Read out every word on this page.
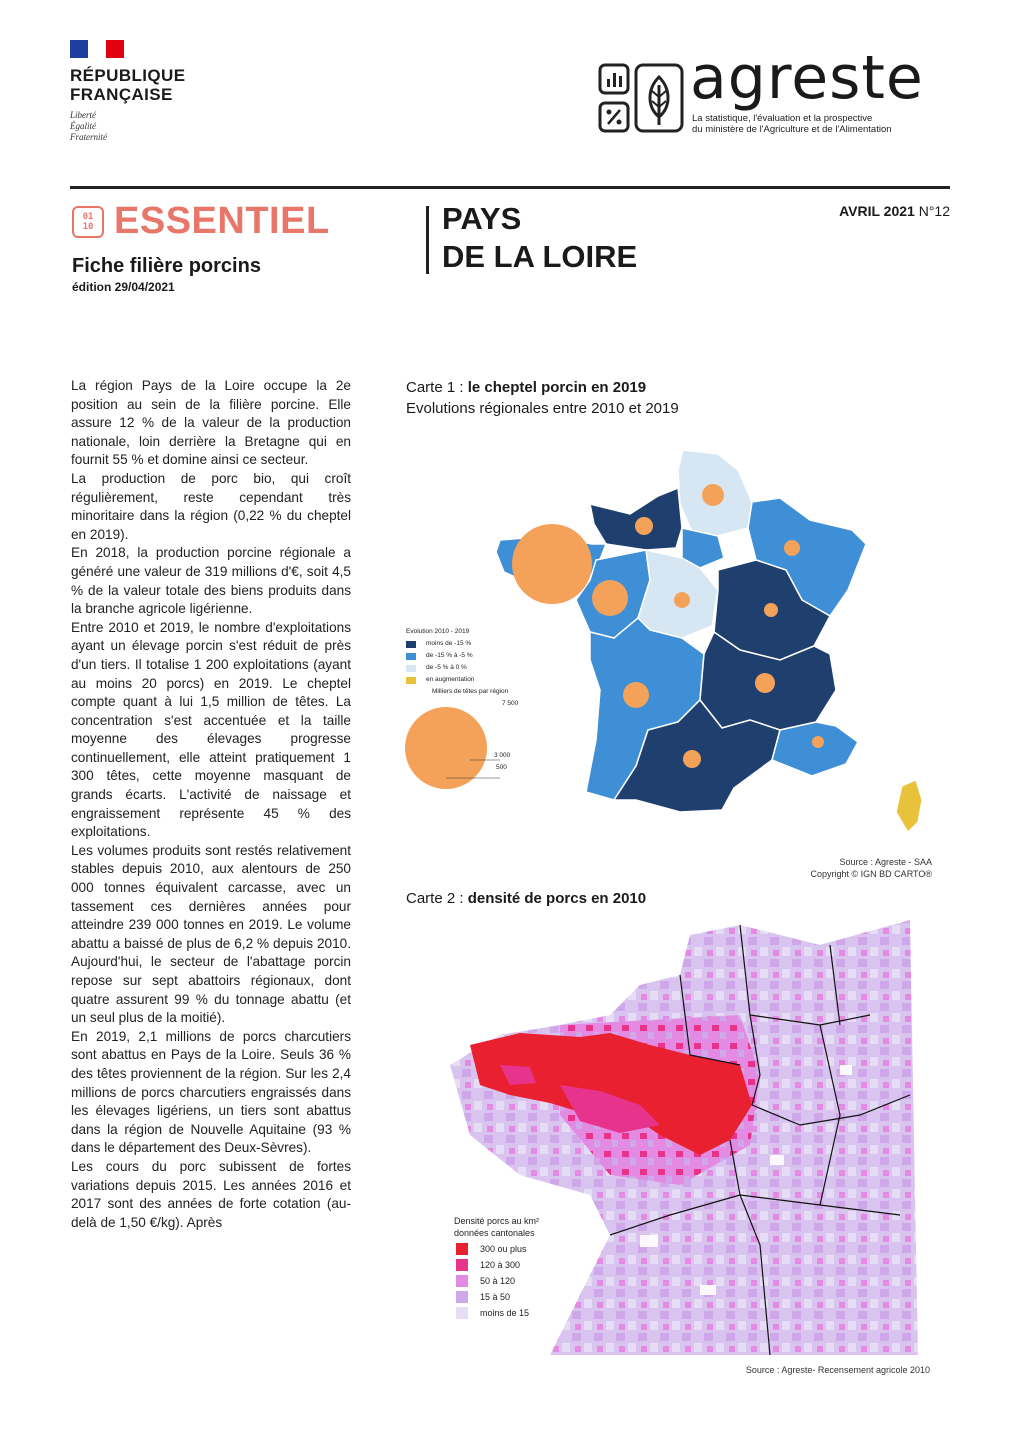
RÉPUBLIQUE
FRANÇAISE
Liberté
Égalité
Fraternité
agreste
La statistique, l'évaluation et la prospective
du ministère de l'Agriculture et de l'Alimentation
01
10 ESSENTIEL
Fiche filière porcins
édition 29/04/2021
PAYS
DE LA LOIRE
AVRIL 2021 N°12

La région Pays de la Loire occupe la 2e position au sein de la filière porcine. Elle assure 12 % de la valeur de la production nationale, loin derrière la Bretagne qui en fournit 55 % et domine ainsi ce secteur.

La production de porc bio, qui croît régulièrement, reste cependant très minoritaire dans la région (0,22 % du cheptel en 2019).

En 2018, la production porcine régionale a généré une valeur de 319 millions d'€, soit 4,5 % de la valeur totale des biens produits dans la branche agricole ligérienne.

Entre 2010 et 2019, le nombre d'exploitations ayant un élevage porcin s'est réduit de près d'un tiers. Il totalise 1 200 exploitations (ayant au moins 20 porcs) en 2019. Le cheptel compte quant à lui 1,5 million de têtes. La concentration s'est accentuée et la taille moyenne des élevages progresse continuellement, elle atteint pratiquement 1 300 têtes, cette moyenne masquant de grands écarts. L'activité de naissage et engraissement représente 45 % des exploitations.

Les volumes produits sont restés relativement stables depuis 2010, aux alentours de 250 000 tonnes équivalent carcasse, avec un tassement ces dernières années pour atteindre 239 000 tonnes en 2019. Le volume abattu a baissé de plus de 6,2 % depuis 2010. Aujourd'hui, le secteur de l'abattage porcin repose sur sept abattoirs régionaux, dont quatre assurent 99 % du tonnage abattu (et un seul plus de la moitié).

En 2019, 2,1 millions de porcs charcutiers sont abattus en Pays de la Loire. Seuls 36 % des têtes proviennent de la région. Sur les 2,4 millions de porcs charcutiers engraissés dans les élevages ligériens, un tiers sont abattus dans la région de Nouvelle Aquitaine (93 % dans le département des Deux-Sèvres).

Les cours du porc subissent de fortes variations depuis 2015. Les années 2016 et 2017 sont des années de forte cotation (au-delà de 1,50 €/kg). Après

Carte 1 : le cheptel porcin en 2019
Evolutions régionales entre 2010 et 2019
Evolution 2010 - 2019
moins de -15 %
de -15 % à -5 %
de -5 % à 0 %
en augmentation
Milliers de têtes par région
7 500
3 000
500
Source : Agreste - SAA
Copyright © IGN BD CARTO®
Carte 2 : densité de porcs en 2010
Densité porcs au km²
données cantonales
300 ou plus
120 à 300
50 à 120
15 à 50
moins de 15
Source : Agreste- Recensement agricole 2010
